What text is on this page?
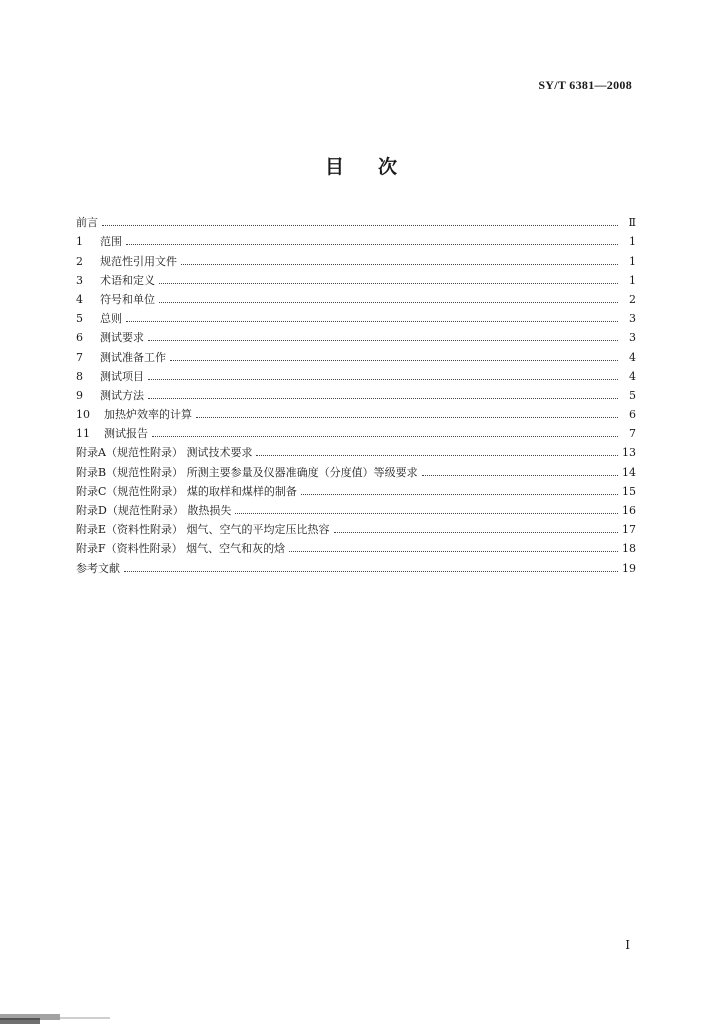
SY/T 6381—2008
目次
前言	Ⅱ
1	范围	1
2	规范性引用文件	1
3	术语和定义	1
4	符号和单位	2
5	总则	3
6	测试要求	3
7	测试准备工作	4
8	测试项目	4
9	测试方法	5
10	加热炉效率的计算	6
11	测试报告	7
附录A（规范性附录） 测试技术要求	13
附录B（规范性附录） 所测主要参量及仪器准确度（分度值）等级要求	14
附录C（规范性附录） 煤的取样和煤样的制备	15
附录D（规范性附录） 散热损失	16
附录E（资料性附录） 烟气、空气的平均定压比热容	17
附录F（资料性附录） 烟气、空气和灰的焓	18
参考文献	19
Ⅰ
